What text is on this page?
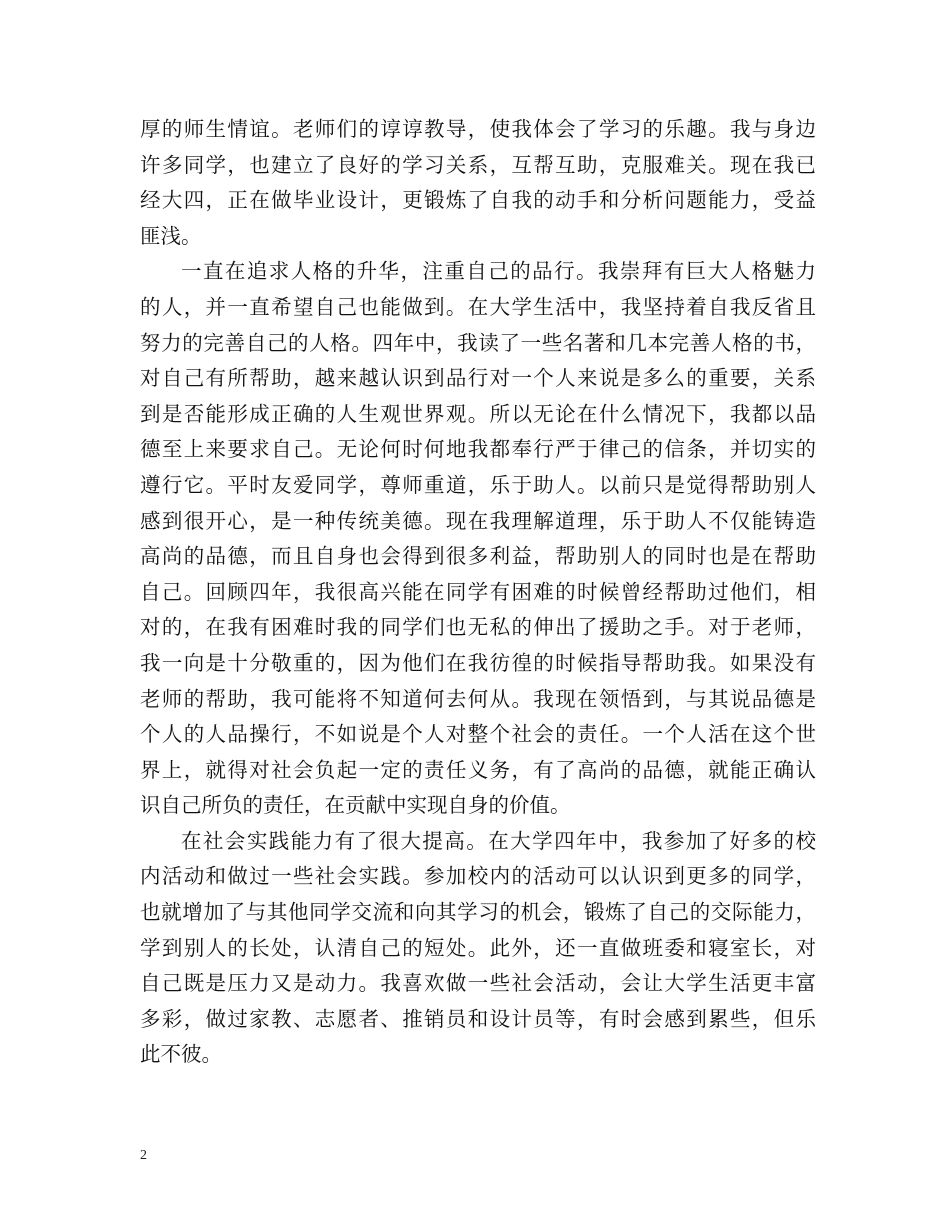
厚的师生情谊。老师们的谆谆教导，使我体会了学习的乐趣。我与身边
许多同学，也建立了良好的学习关系，互帮互助，克服难关。现在我已
经大四，正在做毕业设计，更锻炼了自我的动手和分析问题能力，受益
匪浅。
一直在追求人格的升华，注重自己的品行。我崇拜有巨大人格魅力
的人，并一直希望自己也能做到。在大学生活中，我坚持着自我反省且
努力的完善自己的人格。四年中，我读了一些名著和几本完善人格的书，
对自己有所帮助，越来越认识到品行对一个人来说是多么的重要，关系
到是否能形成正确的人生观世界观。所以无论在什么情况下，我都以品
德至上来要求自己。无论何时何地我都奉行严于律己的信条，并切实的
遵行它。平时友爱同学，尊师重道，乐于助人。以前只是觉得帮助别人
感到很开心，是一种传统美德。现在我理解道理，乐于助人不仅能铸造
高尚的品德，而且自身也会得到很多利益，帮助别人的同时也是在帮助
自己。回顾四年，我很高兴能在同学有困难的时候曾经帮助过他们，相
对的，在我有困难时我的同学们也无私的伸出了援助之手。对于老师，
我一向是十分敬重的，因为他们在我彷徨的时候指导帮助我。如果没有
老师的帮助，我可能将不知道何去何从。我现在领悟到，与其说品德是
个人的人品操行，不如说是个人对整个社会的责任。一个人活在这个世
界上，就得对社会负起一定的责任义务，有了高尚的品德，就能正确认
识自己所负的责任，在贡献中实现自身的价值。
在社会实践能力有了很大提高。在大学四年中，我参加了好多的校
内活动和做过一些社会实践。参加校内的活动可以认识到更多的同学，
也就增加了与其他同学交流和向其学习的机会，锻炼了自己的交际能力，
学到别人的长处，认清自己的短处。此外，还一直做班委和寝室长，对
自己既是压力又是动力。我喜欢做一些社会活动，会让大学生活更丰富
多彩，做过家教、志愿者、推销员和设计员等，有时会感到累些，但乐
此不彼。
2
